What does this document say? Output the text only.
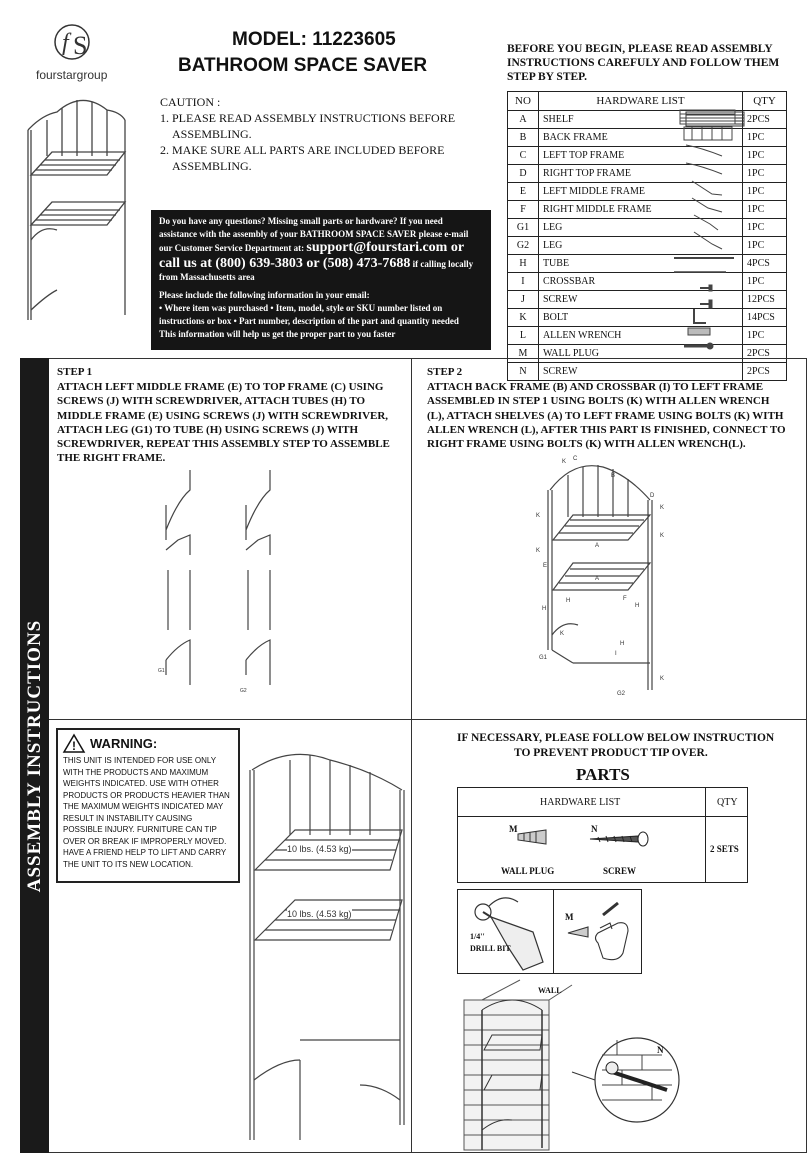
f S
fourstargroup
MODEL: 11223605
BATHROOM SPACE SAVER
CAUTION :
1. PLEASE READ ASSEMBLY INSTRUCTIONS BEFORE
ASSEMBLING.
2. MAKE SURE ALL PARTS ARE INCLUDED BEFORE
ASSEMBLING.
Do you have any questions? Missing small parts or hardware? If you need
assistance with the assembly of your BATHROOM SPACE SAVER please e-mail
our Customer Service Department at: support@fourstari.com or
call us at (800) 639-3803 or (508) 473-7688 if calling locally
from Massachusetts area
Please include the following information in your email:
• Where item was purchased • Item, model, style or SKU number listed on
instructions or box • Part number, description of the part and quantity needed
This information will help us get the proper part to you faster
BEFORE YOU BEGIN, PLEASE READ ASSEMBLY INSTRUCTIONS CAREFULY AND FOLLOW THEM STEP BY STEP.
NO	HARDWARE LIST	QTY
A	SHELF	2PCS
B	BACK FRAME	1PC
C	LEFT TOP FRAME	1PC
D	RIGHT TOP FRAME	1PC
E	LEFT MIDDLE FRAME	1PC
F	RIGHT MIDDLE FRAME	1PC
G1	LEG	1PC
G2	LEG	1PC
H	TUBE	4PCS
I	CROSSBAR	1PC
J	SCREW	12PCS
K	BOLT	14PCS
L	ALLEN WRENCH	1PC
M	WALL PLUG	2PCS
N	SCREW	2PCS
ASSEMBLY INSTRUCTIONS
STEP 1
ATTACH LEFT MIDDLE FRAME (E) TO TOP FRAME (C) USING SCREWS (J) WITH SCREWDRIVER, ATTACH TUBES (H) TO MIDDLE FRAME (E) USING SCREWS (J) WITH SCREWDRIVER, ATTACH LEG (G1) TO TUBE (H) USING SCREWS (J) WITH SCREWDRIVER, REPEAT THIS ASSEMBLY STEP TO ASSEMBLE THE RIGHT FRAME.
G1
G2
STEP 2
ATTACH BACK FRAME (B) AND CROSSBAR (I) TO LEFT FRAME ASSEMBLED IN STEP 1 USING BOLTS (K) WITH ALLEN WRENCH (L), ATTACH SHELVES (A) TO LEFT FRAME USING BOLTS (K) WITH ALLEN WRENCH (L), AFTER THIS PART IS FINISHED, CONNECT TO RIGHT FRAME USING BOLTS (K) WITH ALLEN WRENCH(L).
C
B
D
K
K
K
K
K
K
K
A
A
E
F
H
H	H
H
I
G1
G2
! WARNING:
THIS UNIT IS INTENDED FOR USE ONLY WITH THE PRODUCTS AND MAXIMUM WEIGHTS INDICATED. USE WITH OTHER PRODUCTS OR PRODUCTS HEAVIER THAN THE MAXIMUM WEIGHTS INDICATED MAY RESULT IN INSTABILITY CAUSING POSSIBLE INJURY. FURNITURE CAN TIP OVER OR BREAK IF IMPROPERLY MOVED. HAVE A FRIEND HELP TO LIFT AND CARRY THE UNIT TO ITS NEW LOCATION.
10 lbs. (4.53 kg)
10 lbs. (4.53 kg)
IF NECESSARY, PLEASE FOLLOW BELOW INSTRUCTION
TO PREVENT PRODUCT TIP OVER.
PARTS
HARDWARE LIST	QTY
M	N
WALL PLUG	SCREW
2 SETS
1/4''
DRILL BIT
M
WALL
N
